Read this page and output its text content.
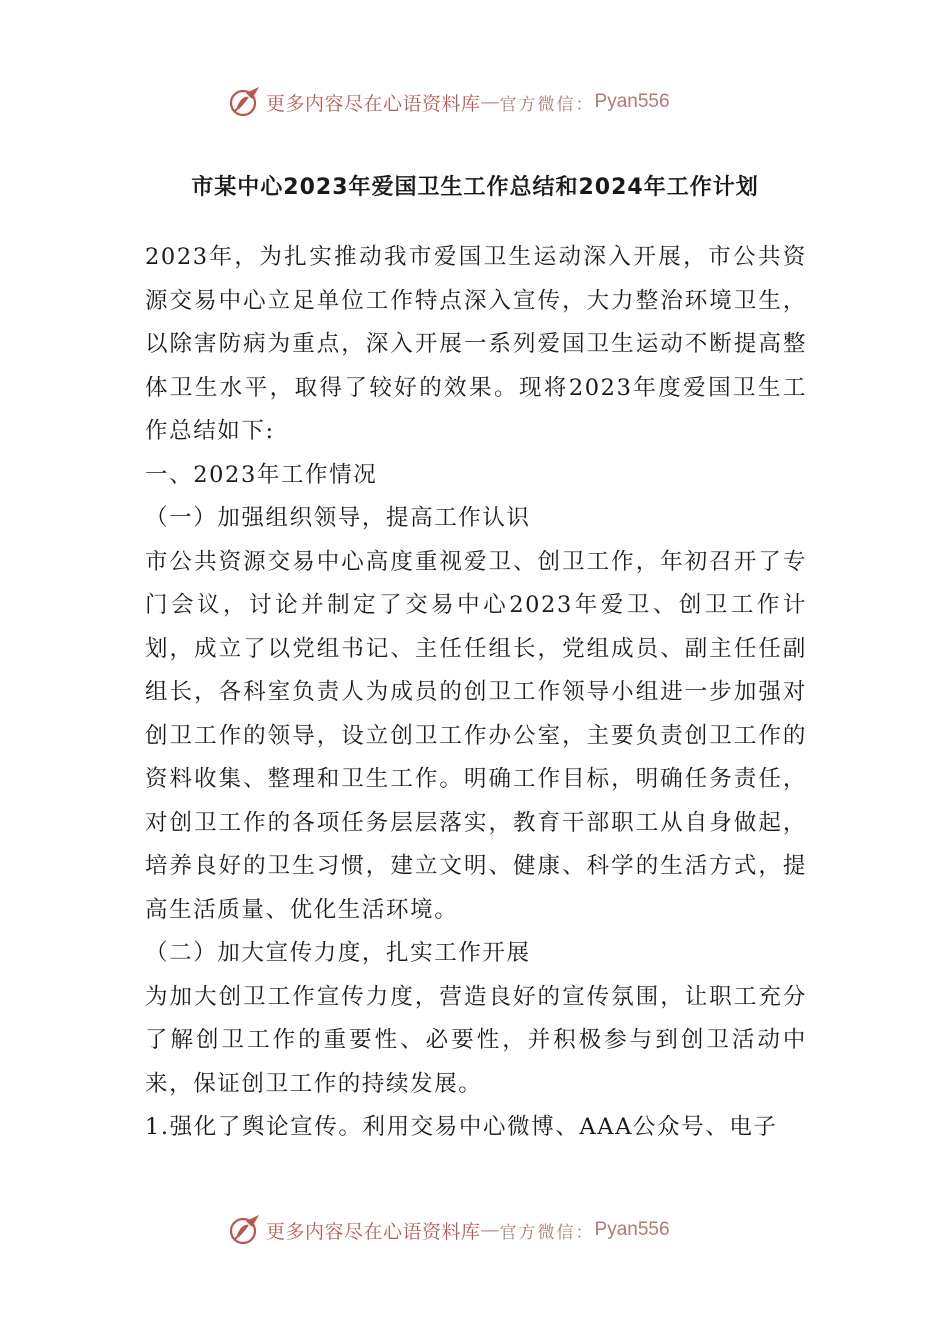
更多内容尽在心语资料库 — 官方微信： Pyan556
市某中心2023年爱国卫生工作总结和2024年工作计划

2023年，为扎实推动我市爱国卫生运动深入开展，市公共资源交易中心立足单位工作特点深入宣传，大力整治环境卫生，以除害防病为重点，深入开展一系列爱国卫生运动不断提高整体卫生水平，取得了较好的效果。现将2023年度爱国卫生工作总结如下:

一、2023年工作情况

（一）加强组织领导，提高工作认识

市公共资源交易中心高度重视爱卫、创卫工作，年初召开了专门会议，讨论并制定了交易中心2023年爱卫、创卫工作计划，成立了以党组书记、主任任组长，党组成员、副主任任副组长，各科室负责人为成员的创卫工作领导小组进一步加强对创卫工作的领导，设立创卫工作办公室，主要负责创卫工作的资料收集、整理和卫生工作。明确工作目标，明确任务责任，对创卫工作的各项任务层层落实，教育干部职工从自身做起，培养良好的卫生习惯，建立文明、健康、科学的生活方式，提高生活质量、优化生活环境。

（二）加大宣传力度，扎实工作开展

为加大创卫工作宣传力度，营造良好的宣传氛围，让职工充分了解创卫工作的重要性、必要性，并积极参与到创卫活动中来，保证创卫工作的持续发展。

1.强化了舆论宣传。利用交易中心微博、AAA公众号、电子

更多内容尽在心语资料库 — 官方微信： Pyan556
